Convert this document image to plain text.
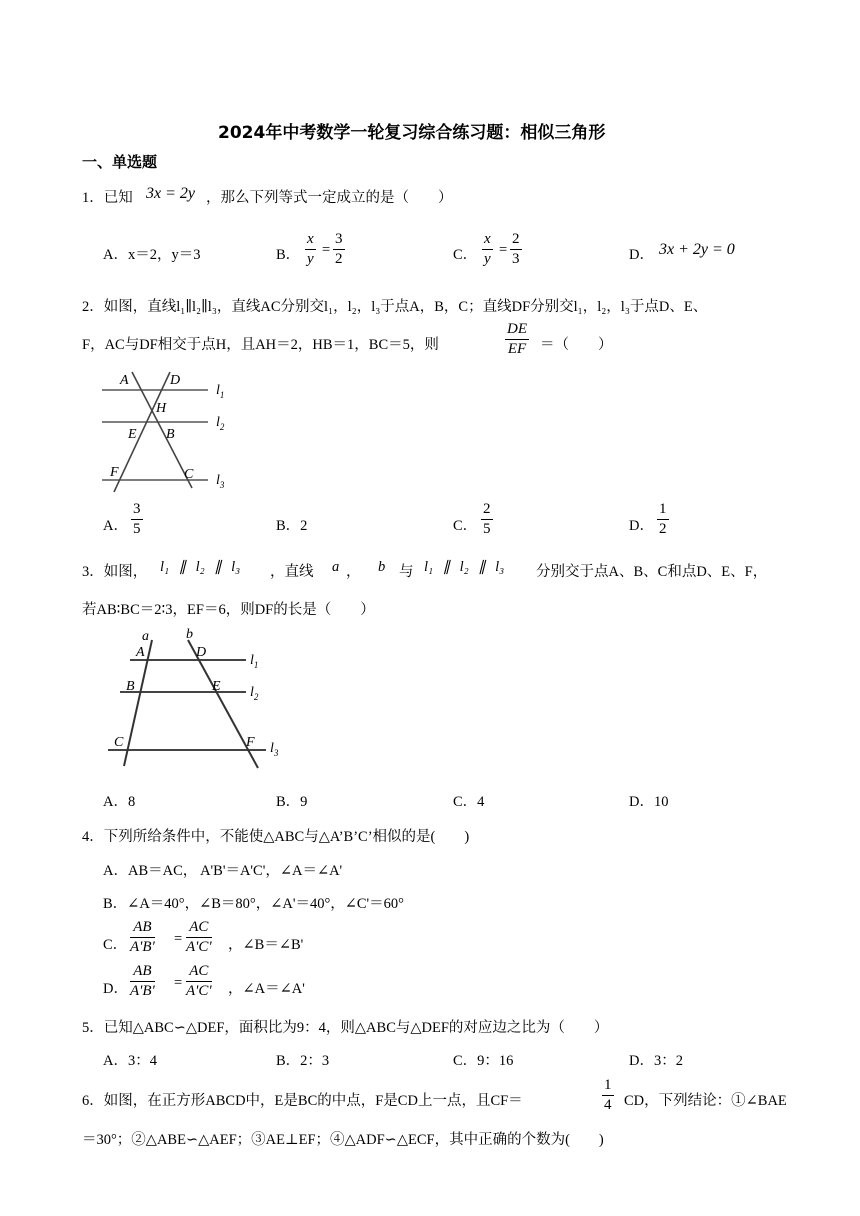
2024年中考数学一轮复习综合练习题：相似三角形
一、单选题
1．已知 3x = 2y ，那么下列等式一定成立的是（　　）
A．x＝2，y＝3	B．
x
y
=
3
2	C．
x
y
=
2
3	D． 3x + 2y = 0
2．如图，直线l₁∥l₂∥l₃，直线AC分别交l₁，l₂，l₃于点A，B，C；直线DF分别交l₁，l₂，l₃于点D、E、
F，AC与DF相交于点H，且AH＝2，HB＝1，BC＝5，则
DE
EF ＝（　　）
A	D
H
E B
F	C
$l_1$
$l_2$
$l_3$
A．
3
5	B．2	C．
2
5	D．
1
2
3．如图， l₁ ∥ l₂ ∥ l₃ ，直线 a ， b 与 l₁ ∥ l₂ ∥ l₃ 分别交于点A、B、C和点D、E、F，
若AB∶BC＝2∶3，EF＝6，则DF的长是（　　）
a	b
A	D
B	E
C	F
$l_1$
$l_2$
$l_3$
A．8	B．9	C．4	D．10
4．下列所给条件中，不能使△ABC与△A’B’C’相似的是(　　)
A．AB＝AC， A'B'＝A'C'，∠A＝∠A'
B．∠A＝40°，∠B＝80°，∠A'＝40°，∠C'＝60°
C．
AB
A'B' =
AC
A'C' ，∠B＝∠B'
D．
AB
A'B' =
AC
A'C' ，∠A＝∠A'
5．已知△ABC∽△DEF，面积比为9：4，则△ABC与△DEF的对应边之比为（　　）
A．3：4	B．2：3	C．9：16	D．3：2
6．如图，在正方形ABCD中，E是BC的中点，F是CD上一点，且CF＝
1
4 CD，下列结论：①∠BAE
＝30°；②△ABE∽△AEF；③AE⊥EF；④△ADF∽△ECF，其中正确的个数为(　　)
